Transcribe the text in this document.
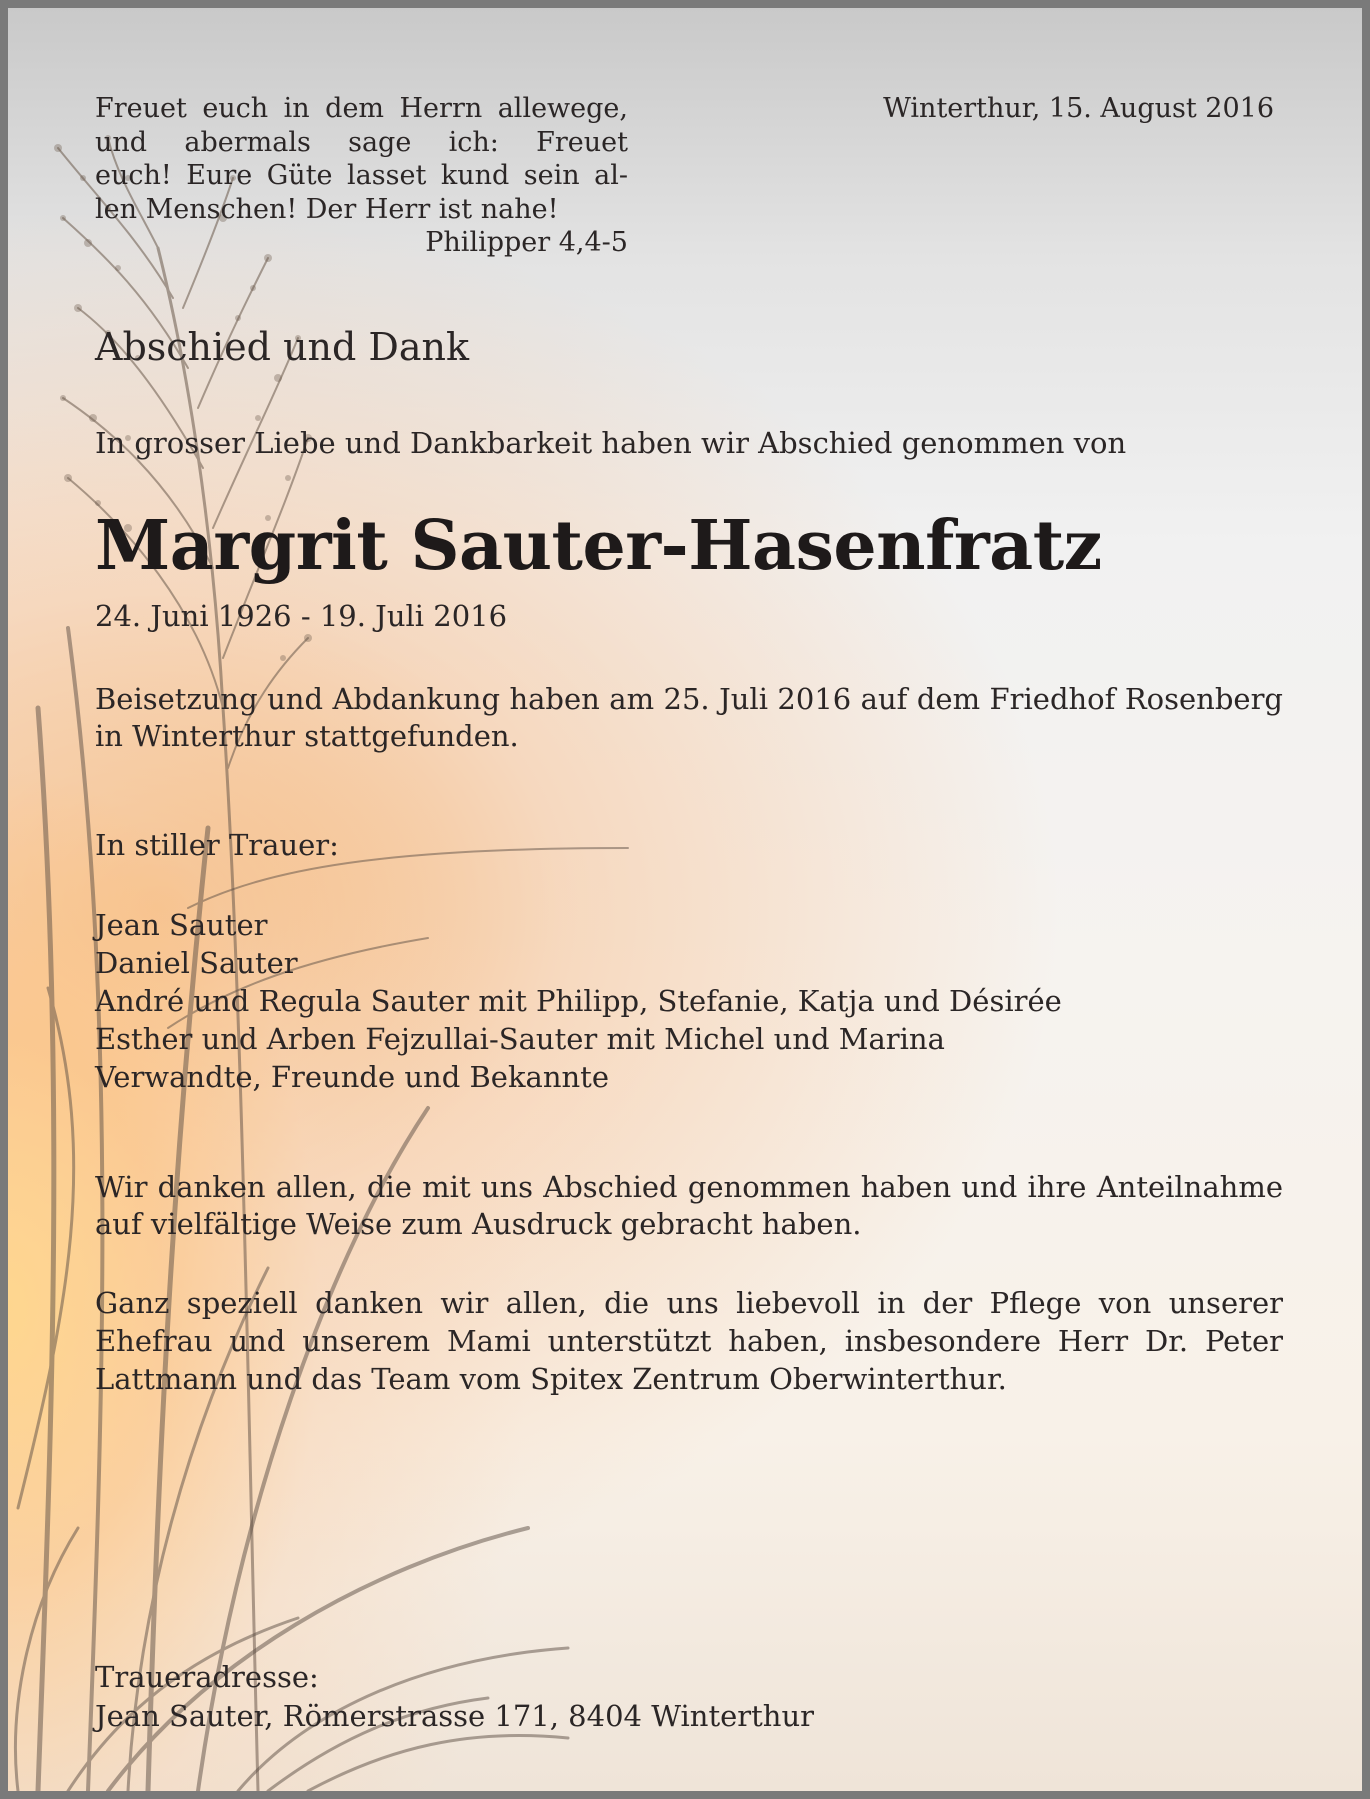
Freuet euch in dem Herrn allewege,
und abermals sage ich: Freuet
euch! Eure Güte lasset kund sein al-
len Menschen! Der Herr ist nahe!
Philipper 4,4-5

Winterthur, 15. August 2016

Abschied und Dank

In grosser Liebe und Dankbarkeit haben wir Abschied genommen von

Margrit Sauter-Hasenfratz

24. Juni 1926 - 19. Juli 2016

Beisetzung und Abdankung haben am 25. Juli 2016 auf dem Friedhof Rosenberg in Winterthur stattgefunden.

In stiller Trauer:

Jean Sauter
Daniel Sauter
André und Regula Sauter mit Philipp, Stefanie, Katja und Désirée
Esther und Arben Fejzullai-Sauter mit Michel und Marina
Verwandte, Freunde und Bekannte

Wir danken allen, die mit uns Abschied genommen haben und ihre Anteilnahme auf vielfältige Weise zum Ausdruck gebracht haben.

Ganz speziell danken wir allen, die uns liebevoll in der Pflege von unserer Ehefrau und unserem Mami unterstützt haben, insbesondere Herr Dr. Peter Lattmann und das Team vom Spitex Zentrum Oberwinterthur.

Traueradresse:

Jean Sauter, Römerstrasse 171, 8404 Winterthur
